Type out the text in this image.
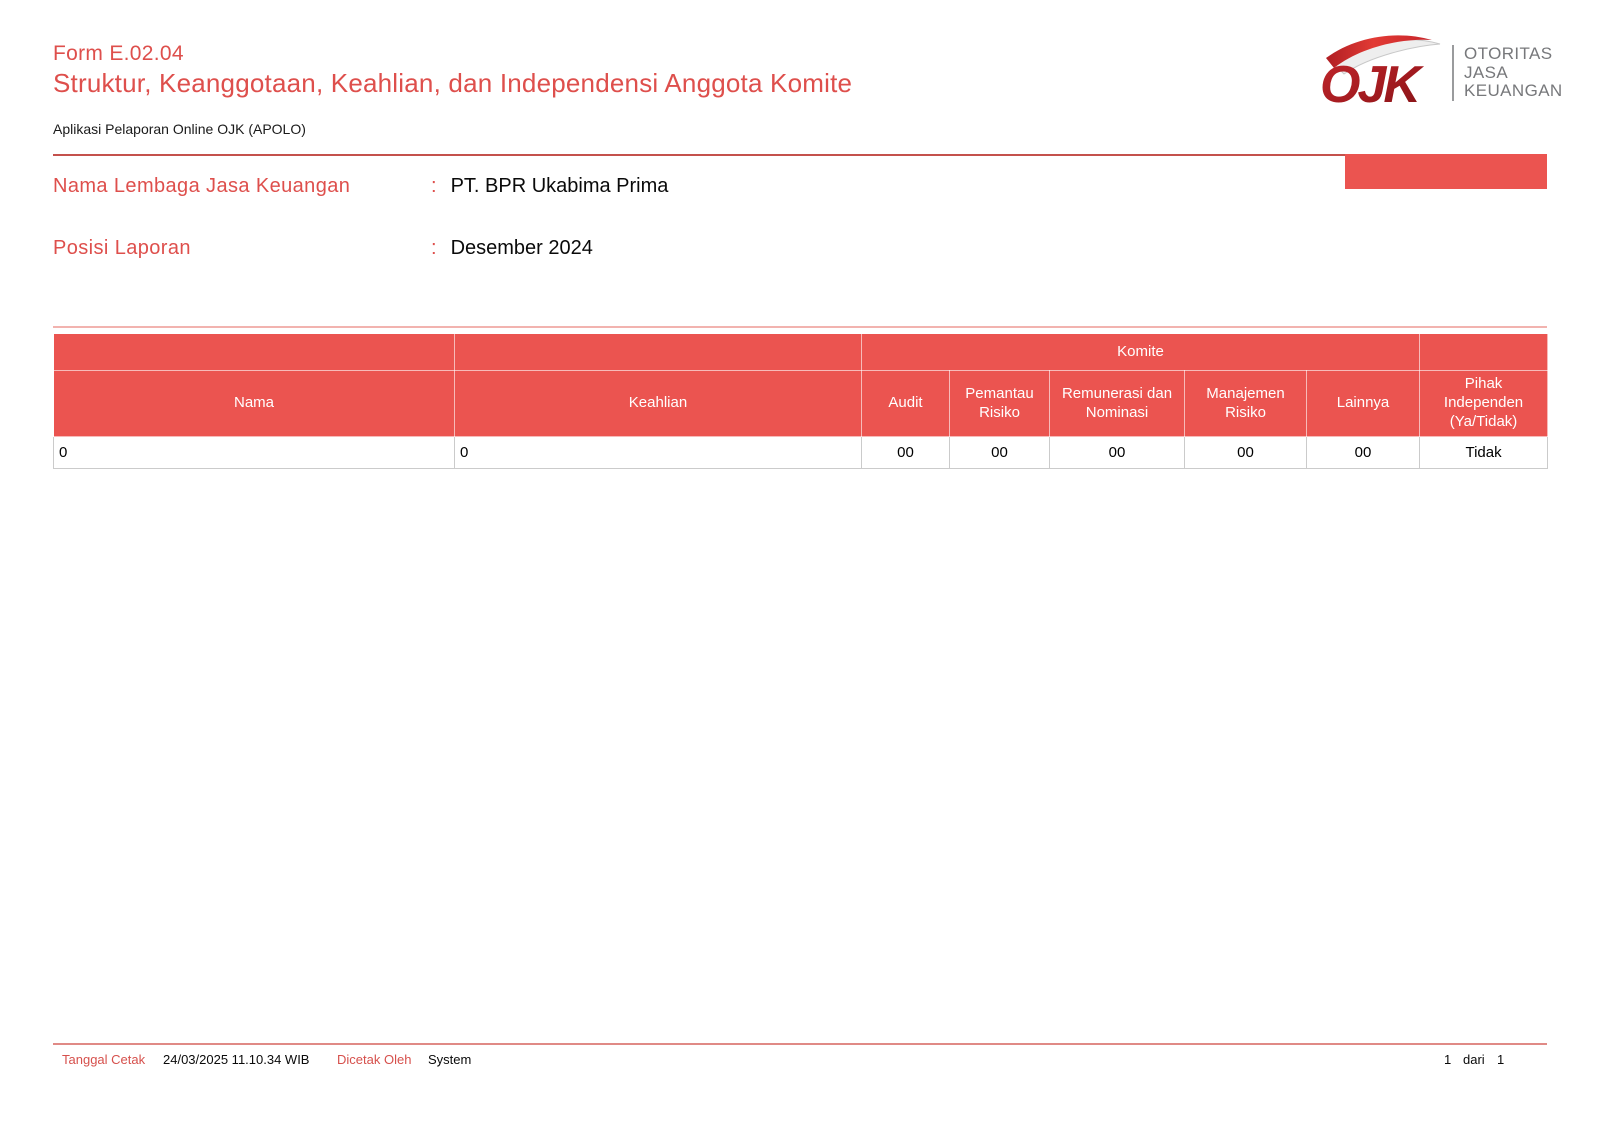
Form E.02.04
Struktur, Keanggotaan, Keahlian, dan Independensi Anggota Komite
Aplikasi Pelaporan Online OJK (APOLO)
OJK
OTORITAS
JASA
KEUANGAN
Nama Lembaga Jasa Keuangan	: PT. BPR Ukabima Prima
Posisi Laporan	: Desember 2024
		Komite					
Nama	Keahlian	Audit	Pemantau Risiko	Remunerasi dan Nominasi	Manajemen Risiko	Lainnya	Pihak Independen (Ya/Tidak)
0	0	00	00	00	00	00	Tidak
Tanggal Cetak 24/03/2025 11.10.34 WIB Dicetak Oleh System	1 dari 1
